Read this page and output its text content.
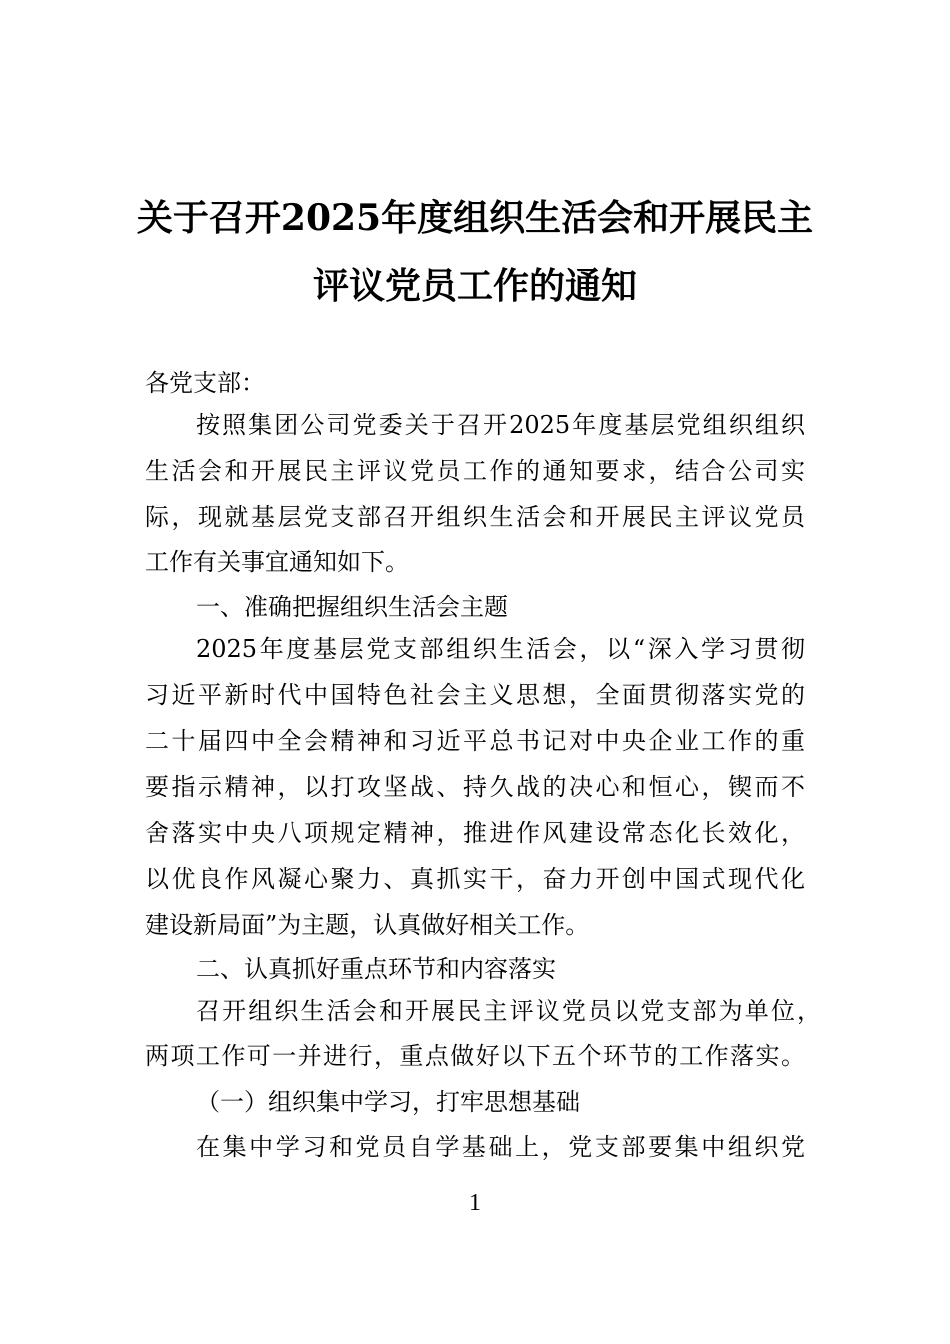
关于召开2025年度组织生活会和开展民主
评议党员工作的通知
各党支部：
按照集团公司党委关于召开2025年度基层党组织组织
生活会和开展民主评议党员工作的通知要求，结合公司实
际，现就基层党支部召开组织生活会和开展民主评议党员
工作有关事宜通知如下。
一、准确把握组织生活会主题
2025年度基层党支部组织生活会，以“深入学习贯彻
习近平新时代中国特色社会主义思想，全面贯彻落实党的
二十届四中全会精神和习近平总书记对中央企业工作的重
要指示精神，以打攻坚战、持久战的决心和恒心，锲而不
舍落实中央八项规定精神，推进作风建设常态化长效化，
以优良作风凝心聚力、真抓实干，奋力开创中国式现代化
建设新局面”为主题，认真做好相关工作。
二、认真抓好重点环节和内容落实
召开组织生活会和开展民主评议党员以党支部为单位，
两项工作可一并进行，重点做好以下五个环节的工作落实。
（一）组织集中学习，打牢思想基础
在集中学习和党员自学基础上，党支部要集中组织党
1
